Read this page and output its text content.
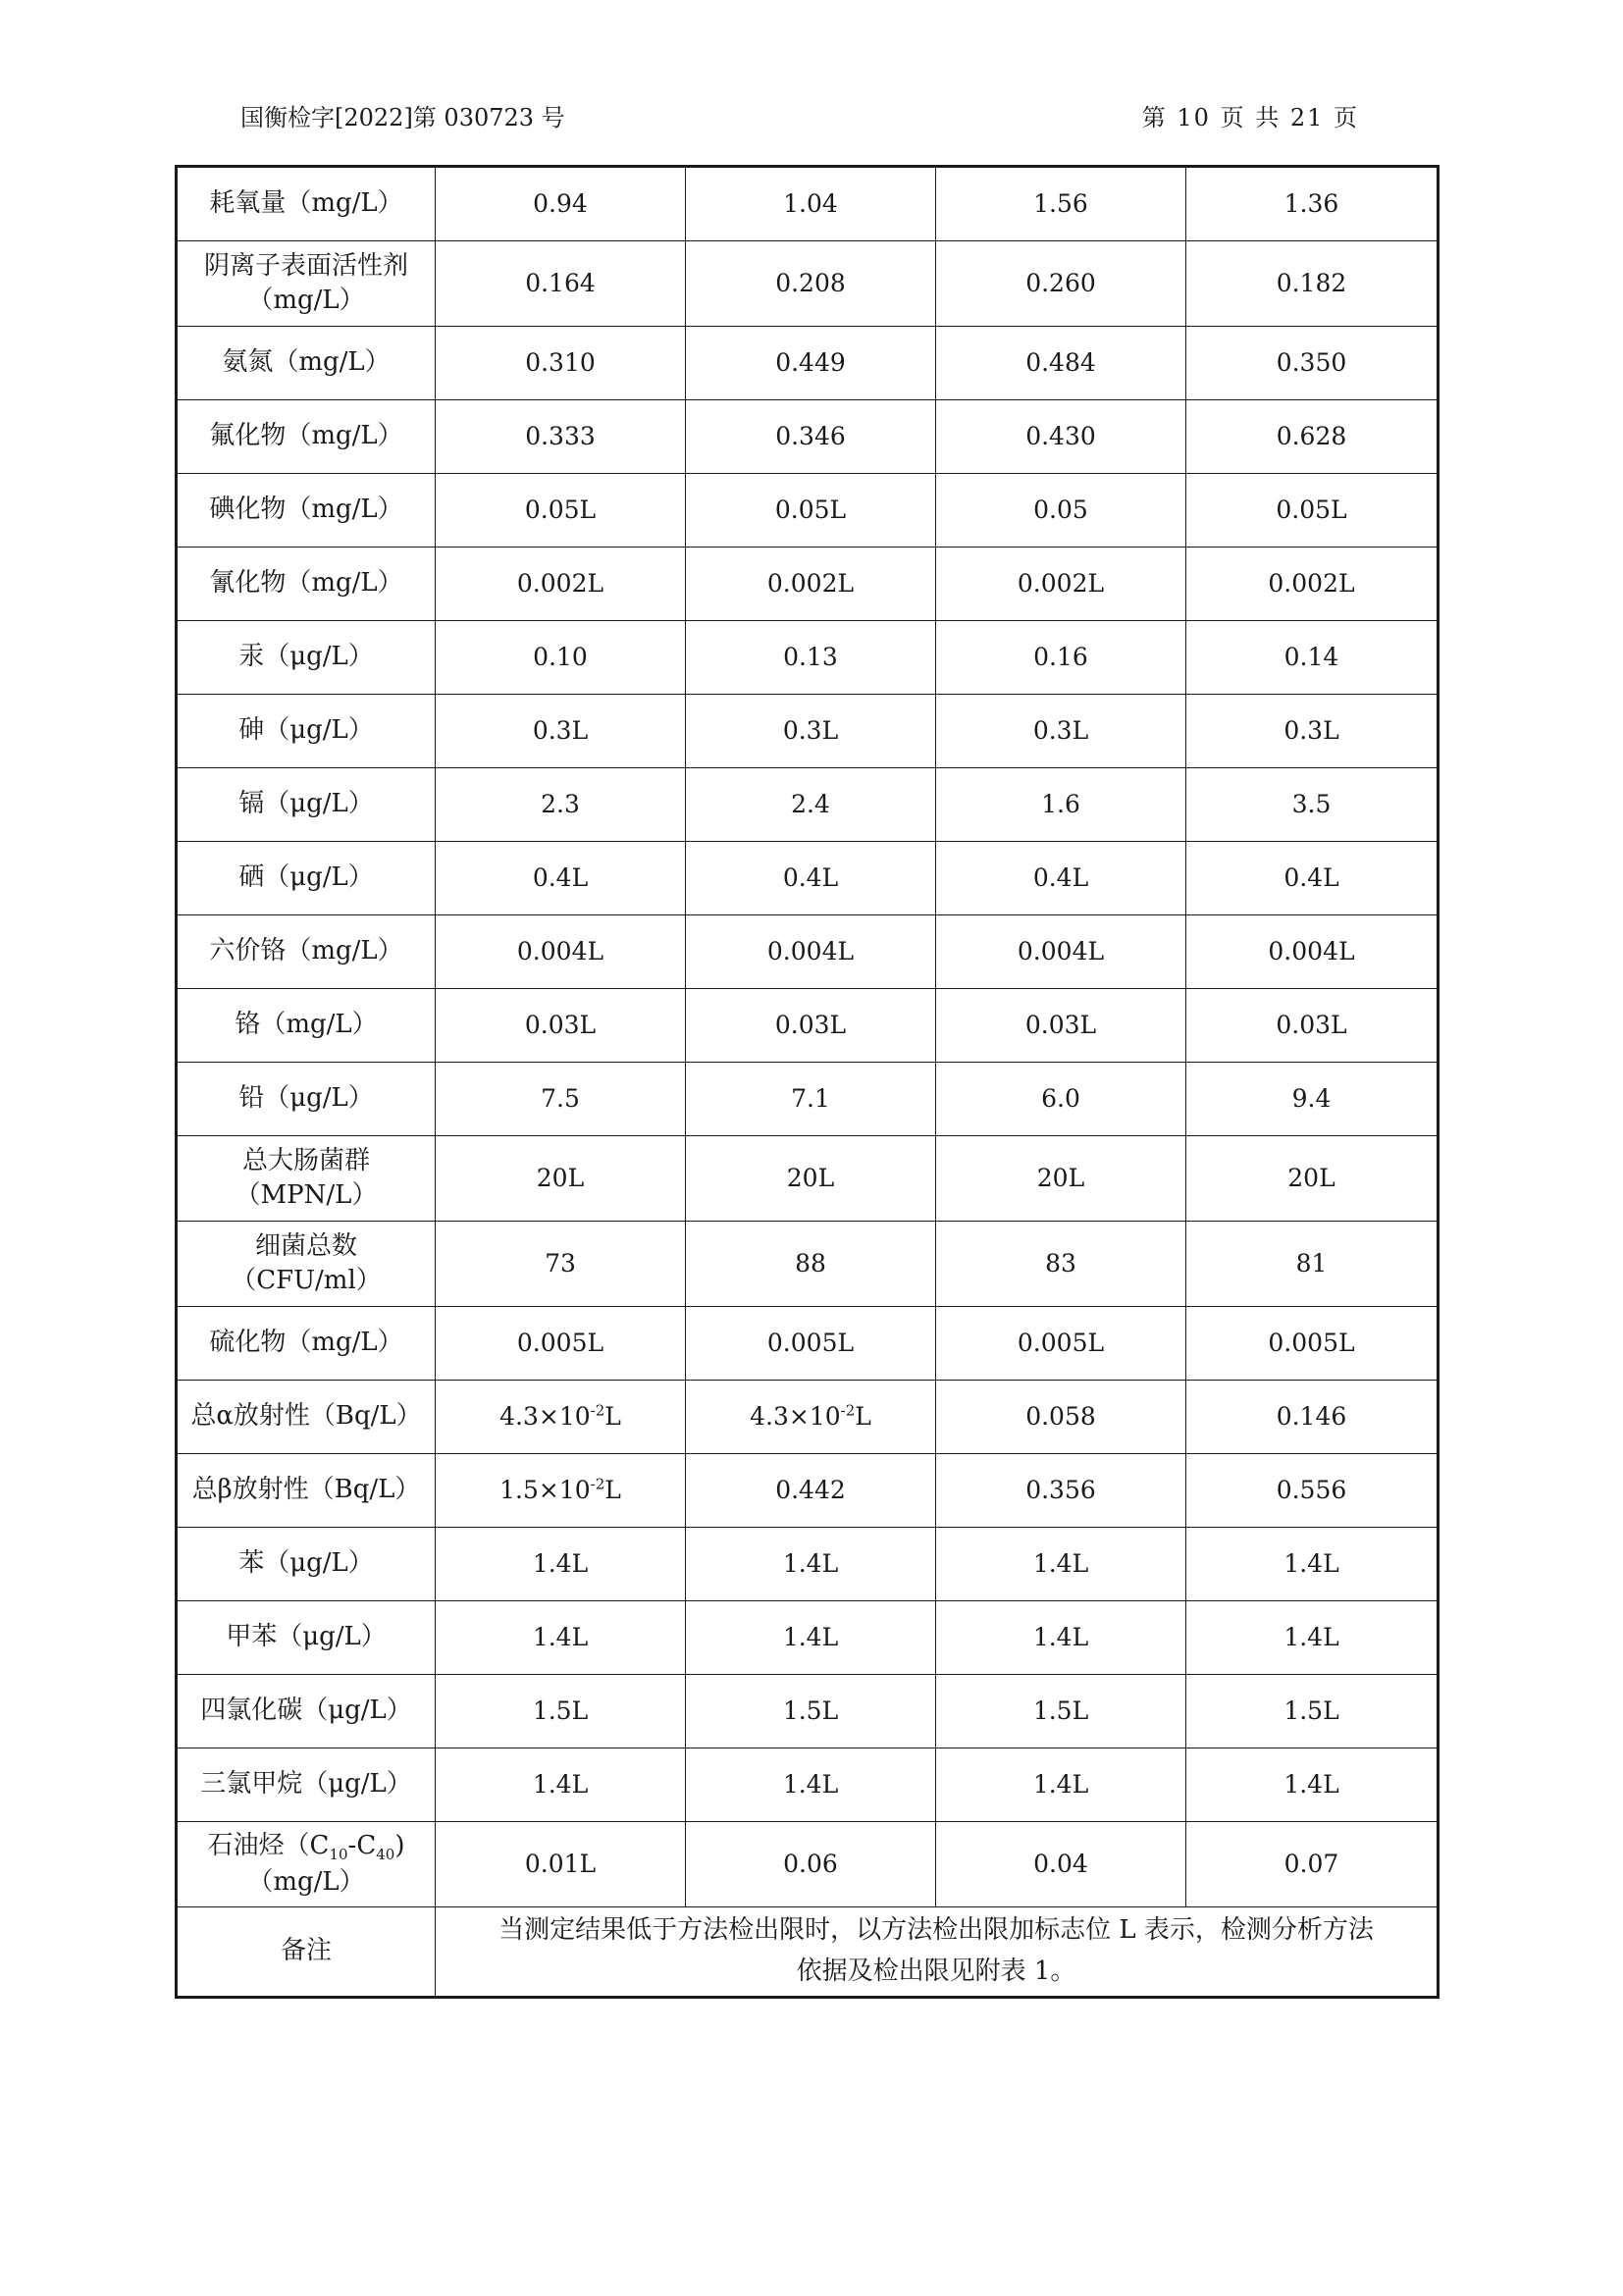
国衡检字[2022]第 030723 号	第 10 页 共 21 页
耗氧量（mg/L）	0.94	1.04	1.56	1.36
阴离子表面活性剂
（mg/L）	0.164	0.208	0.260	0.182
氨氮（mg/L）	0.310	0.449	0.484	0.350
氟化物（mg/L）	0.333	0.346	0.430	0.628
碘化物（mg/L）	0.05L	0.05L	0.05	0.05L
氰化物（mg/L）	0.002L	0.002L	0.002L	0.002L
汞（μg/L）	0.10	0.13	0.16	0.14
砷（μg/L）	0.3L	0.3L	0.3L	0.3L
镉（μg/L）	2.3	2.4	1.6	3.5
硒（μg/L）	0.4L	0.4L	0.4L	0.4L
六价铬（mg/L）	0.004L	0.004L	0.004L	0.004L
铬（mg/L）	0.03L	0.03L	0.03L	0.03L
铅（μg/L）	7.5	7.1	6.0	9.4
总大肠菌群
（MPN/L）	20L	20L	20L	20L
细菌总数
（CFU/ml）	73	88	83	81
硫化物（mg/L）	0.005L	0.005L	0.005L	0.005L
总α放射性（Bq/L）	$4.3\times 10^{-2}L$	$4.3\times 10^{-2}L$	0.058	0.146
总β放射性（Bq/L）	$1.5\times 10^{-2}L$	0.442	0.356	0.556
苯（μg/L）	1.4L	1.4L	1.4L	1.4L
甲苯（μg/L）	1.4L	1.4L	1.4L	1.4L
四氯化碳（μg/L）	1.5L	1.5L	1.5L	1.5L
三氯甲烷（μg/L）	1.4L	1.4L	1.4L	1.4L
石油烃$(C_{10}-C_{40})$
（mg/L）	0.01L	0.06	0.04	0.07
备注	当测定结果低于方法检出限时，以方法检出限加标志位 L 表示，检测分析方法
依据及检出限见附表 1。			
